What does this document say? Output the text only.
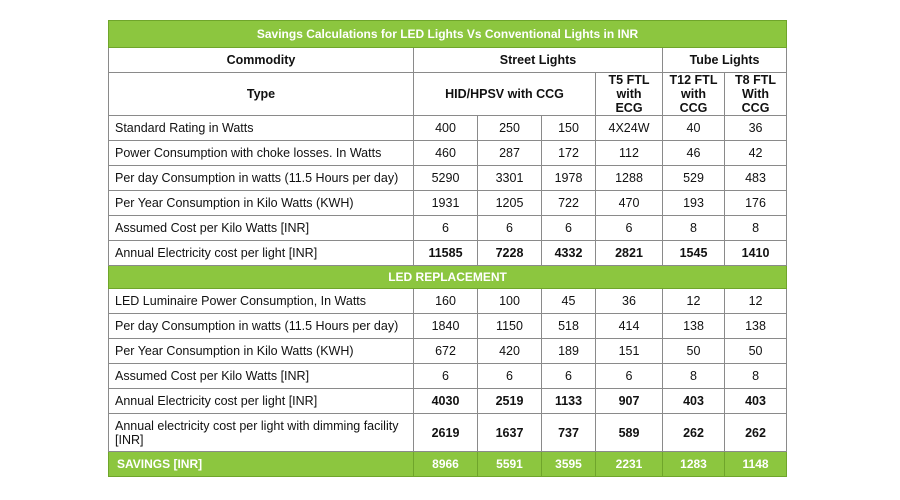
Savings Calculations for LED Lights Vs Conventional Lights in INR						
Commodity	Street Lights				Tube Lights	
Type	HID/HPSV with CCG			T5 FTL with ECG	T12 FTL with CCG	T8 FTL With CCG
Standard Rating in Watts	400	250	150	4X24W	40	36
Power Consumption with choke losses. In Watts	460	287	172	112	46	42
Per day Consumption in watts (11.5 Hours per day)	5290	3301	1978	1288	529	483
Per Year Consumption in Kilo Watts (KWH)	1931	1205	722	470	193	176
Assumed Cost per Kilo Watts [INR]	6	6	6	6	8	8
Annual Electricity cost per light [INR]	11585	7228	4332	2821	1545	1410
LED REPLACEMENT						
LED Luminaire Power Consumption, In Watts	160	100	45	36	12	12
Per day Consumption in watts (11.5 Hours per day)	1840	1150	518	414	138	138
Per Year Consumption in Kilo Watts (KWH)	672	420	189	151	50	50
Assumed Cost per Kilo Watts [INR]	6	6	6	6	8	8
Annual Electricity cost per light [INR]	4030	2519	1133	907	403	403
Annual electricity cost per light with dimming facility [INR]	2619	1637	737	589	262	262
SAVINGS [INR]	8966	5591	3595	2231	1283	1148
